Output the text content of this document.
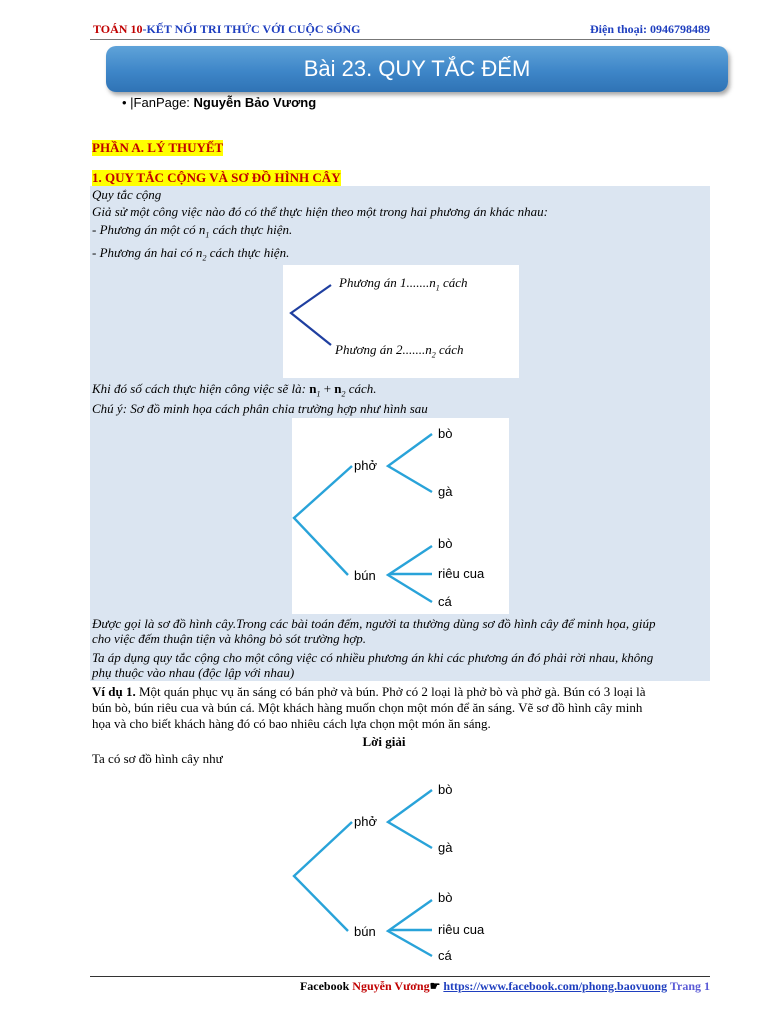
TOÁN 10-KẾT NỐI TRI THỨC VỚI CUỘC SỐNG	Điện thoại: 0946798489
Bài 23. QUY TẮC ĐẾM
• |FanPage: Nguyễn Bảo Vương
PHẦN A. LÝ THUYẾT
1. QUY TẮC CỘNG VÀ SƠ ĐỒ HÌNH CÂY
Quy tắc cộng
Giả sử một công việc nào đó có thể thực hiện theo một trong hai phương án khác nhau:
- Phương án một có $n_1$ cách thực hiện.
- Phương án hai có $n_2$ cách thực hiện.
Phương án $1.......n_1$ cách
Phương án $2.......n_2$ cách
Khi đó số cách thực hiện công việc sẽ là: $n_1 + n_2$ cách.
Chú ý: Sơ đồ minh họa cách phân chia trường hợp như hình sau
phở
bún
bò
gà
bò
riêu cua
cá
Được gọi là sơ đồ hình cây.Trong các bài toán đếm, người ta thường dùng sơ đồ hình cây để minh họa, giúp
cho việc đếm thuận tiện và không bỏ sót trường hợp.
Ta áp dụng quy tắc cộng cho một công việc có nhiều phương án khi các phương án đó phải rời nhau, không
phụ thuộc vào nhau (độc lập với nhau)
Ví dụ 1. Một quán phục vụ ăn sáng có bán phở và bún. Phở có 2 loại là phở bò và phở gà. Bún có 3 loại là
bún bò, bún riêu cua và bún cá. Một khách hàng muốn chọn một món để ăn sáng. Vẽ sơ đồ hình cây minh
họa và cho biết khách hàng đó có bao nhiêu cách lựa chọn một món ăn sáng.
Lời giải
Ta có sơ đồ hình cây như
phở
bún
bò
gà
bò
riêu cua
cá
Facebook Nguyễn Vương☛ https://www.facebook.com/phong.baovuong Trang 1
